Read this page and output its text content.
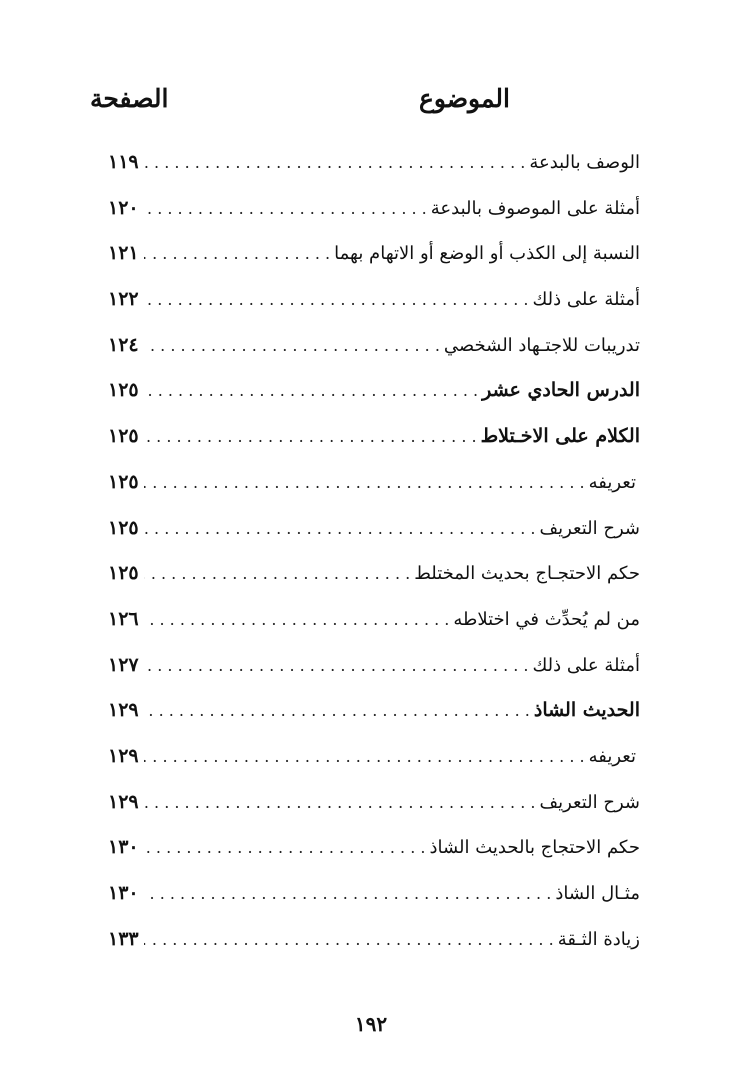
الموضوع
الصفحة
الوصف بالبدعة
. . .
١١٩
أمثلة على الموصوف بالبدعة
. . .
١٢٠
النسبة إلى الكذب أو الوضع أو الاتهام بهما
. . .
١٢١
أمثلة على ذلك
. . .
١٢٢
تدريبات للاجتـهاد الشخصي
. . .
١٢٤
الدرس الحادي عشر
. . .
١٢٥
الكلام على الاخـتلاط
. . .
١٢٥
تعريفه
. . .
١٢٥
شرح التعريف
. . .
١٢٥
حكم الاحتجـاج بحديث المختلط
. . .
١٢٥
من لم يُحدِّث في اختلاطه
. . .
١٢٦
أمثلة على ذلك
. . .
١٢٧
الحديث الشاذ
. . .
١٢٩
تعريفه
. . .
١٢٩
شرح التعريف
. . .
١٢٩
حكم الاحتجاج بالحديث الشاذ
. . .
١٣٠
مثـال الشاذ
. . .
١٣٠
زيادة الثـقة
. . .
١٣٣
١٩٢
